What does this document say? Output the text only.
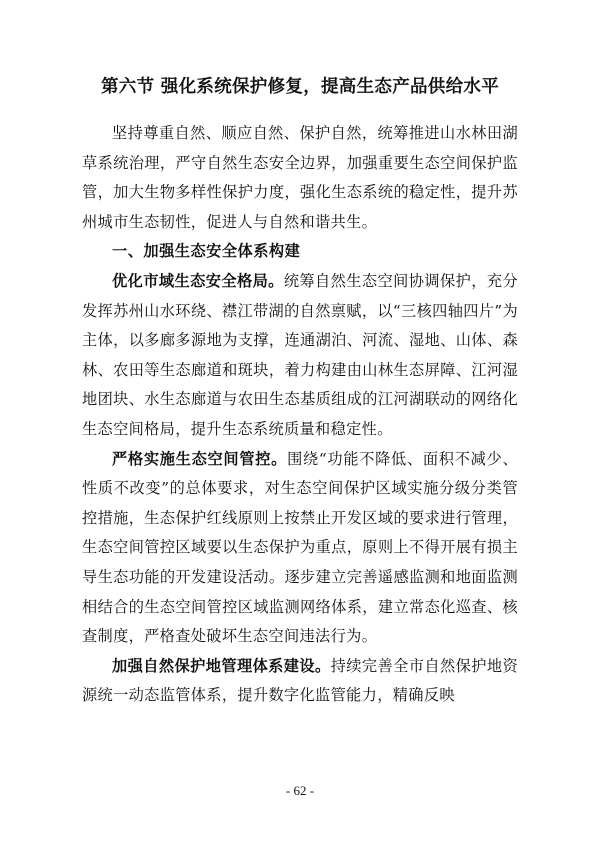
第六节 强化系统保护修复，提高生态产品供给水平

坚持尊重自然、顺应自然、保护自然，统筹推进山水林田湖草系统治理，严守自然生态安全边界，加强重要生态空间保护监管，加大生物多样性保护力度，强化生态系统的稳定性，提升苏州城市生态韧性，促进人与自然和谐共生。

一、加强生态安全体系构建

优化市域生态安全格局。统筹自然生态空间协调保护，充分发挥苏州山水环绕、襟江带湖的自然禀赋，以“三核四轴四片”为主体，以多廊多源地为支撑，连通湖泊、河流、湿地、山体、森林、农田等生态廊道和斑块，着力构建由山林生态屏障、江河湿地团块、水生态廊道与农田生态基质组成的江河湖联动的网络化生态空间格局，提升生态系统质量和稳定性。

严格实施生态空间管控。围绕“功能不降低、面积不减少、性质不改变”的总体要求，对生态空间保护区域实施分级分类管控措施，生态保护红线原则上按禁止开发区域的要求进行管理，生态空间管控区域要以生态保护为重点，原则上不得开展有损主导生态功能的开发建设活动。逐步建立完善遥感监测和地面监测相结合的生态空间管控区域监测网络体系，建立常态化巡查、核查制度，严格查处破坏生态空间违法行为。

加强自然保护地管理体系建设。持续完善全市自然保护地资源统一动态监管体系，提升数字化监管能力，精确反映

- 62 -
